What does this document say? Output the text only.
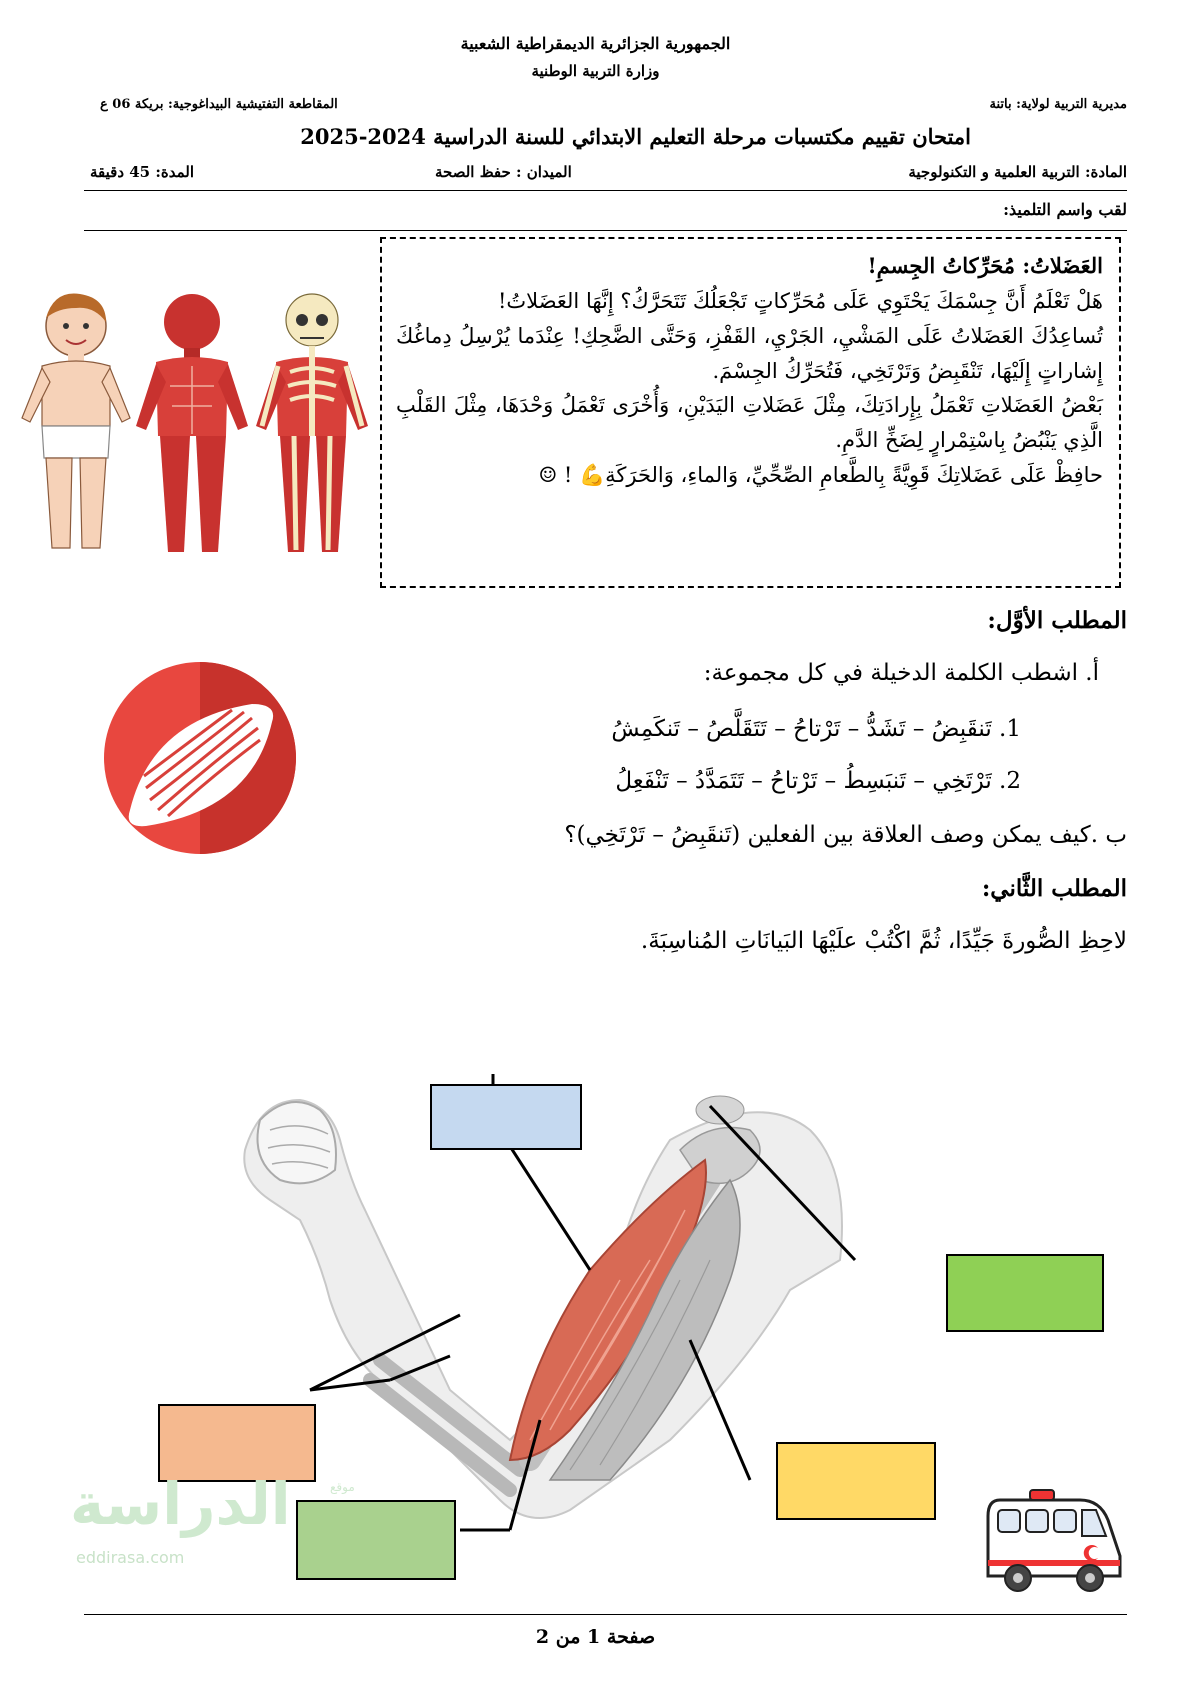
الجمهورية الجزائرية الديمقراطية الشعبية
وزارة التربية الوطنية
مديرية التربية لولاية: باتنة
المقاطعة التفتيشية البيداغوجية: بريكة 06 ع
امتحان تقييم مكتسبات مرحلة التعليم الابتدائي للسنة الدراسية 2024-2025
المادة: التربية العلمية و التكنولوجية
الميدان : حفظ الصحة
المدة: 45 دقيقة
لقب واسم التلميذ:

العَضَلاتُ: مُحَرِّكاتُ الجِسمِ!

هَلْ تَعْلَمُ أَنَّ جِسْمَكَ يَحْتَوِي عَلَى مُحَرِّكاتٍ تَجْعَلُكَ تَتَحَرَّكُ؟ إِنَّهَا العَضَلاتُ!

تُساعِدُكَ العَضَلاتُ عَلَى المَشْيِ، الجَرْيِ، القَفْزِ، وَحَتَّى الضَّحِكِ! عِنْدَما يُرْسِلُ دِماغُكَ إِشاراتٍ إِلَيْهَا، تَنْقَبِضُ وَتَرْتَخِي، فَتُحَرِّكُ الجِسْمَ.

بَعْضُ العَضَلاتِ تَعْمَلُ بِإِرادَتِكَ، مِثْلَ عَضَلاتِ اليَدَيْنِ، وَأُخْرَى تَعْمَلُ وَحْدَهَا، مِثْلَ القَلْبِ الَّذِي يَنْبُضُ بِاسْتِمْرارٍ لِضَخِّ الدَّمِ.

حافِظْ عَلَى عَضَلاتِكَ قَوِيَّةً بِالطَّعامِ الصِّحِّيِّ، وَالماءِ، وَالحَرَكَةِ💪 ! ☺

المطلب الأوَّل:
أ. اشطب الكلمة الدخيلة في كل مجموعة:
1. تَنقَبِضُ – تَشَدُّ – تَرْتاحُ – تَتَقَلَّصُ – تَنكَمِشُ
2. تَرْتَخِي – تَنبَسِطُ – تَرْتاحُ – تَتَمَدَّدُ – تَنْفَعِلُ
ب .كيف يمكن وصف العلاقة بين الفعلين (تَنقَبِضُ – تَرْتَخِي)؟
المطلب الثَّاني:
لاحِظِ الصُّورةَ جَيِّدًا، ثُمَّ اكْتُبْ علَيْهَا البَيانَاتِ المُناسِبَةَ.
الدراسة	موقع
eddirasa.com
صفحة 1 من 2
